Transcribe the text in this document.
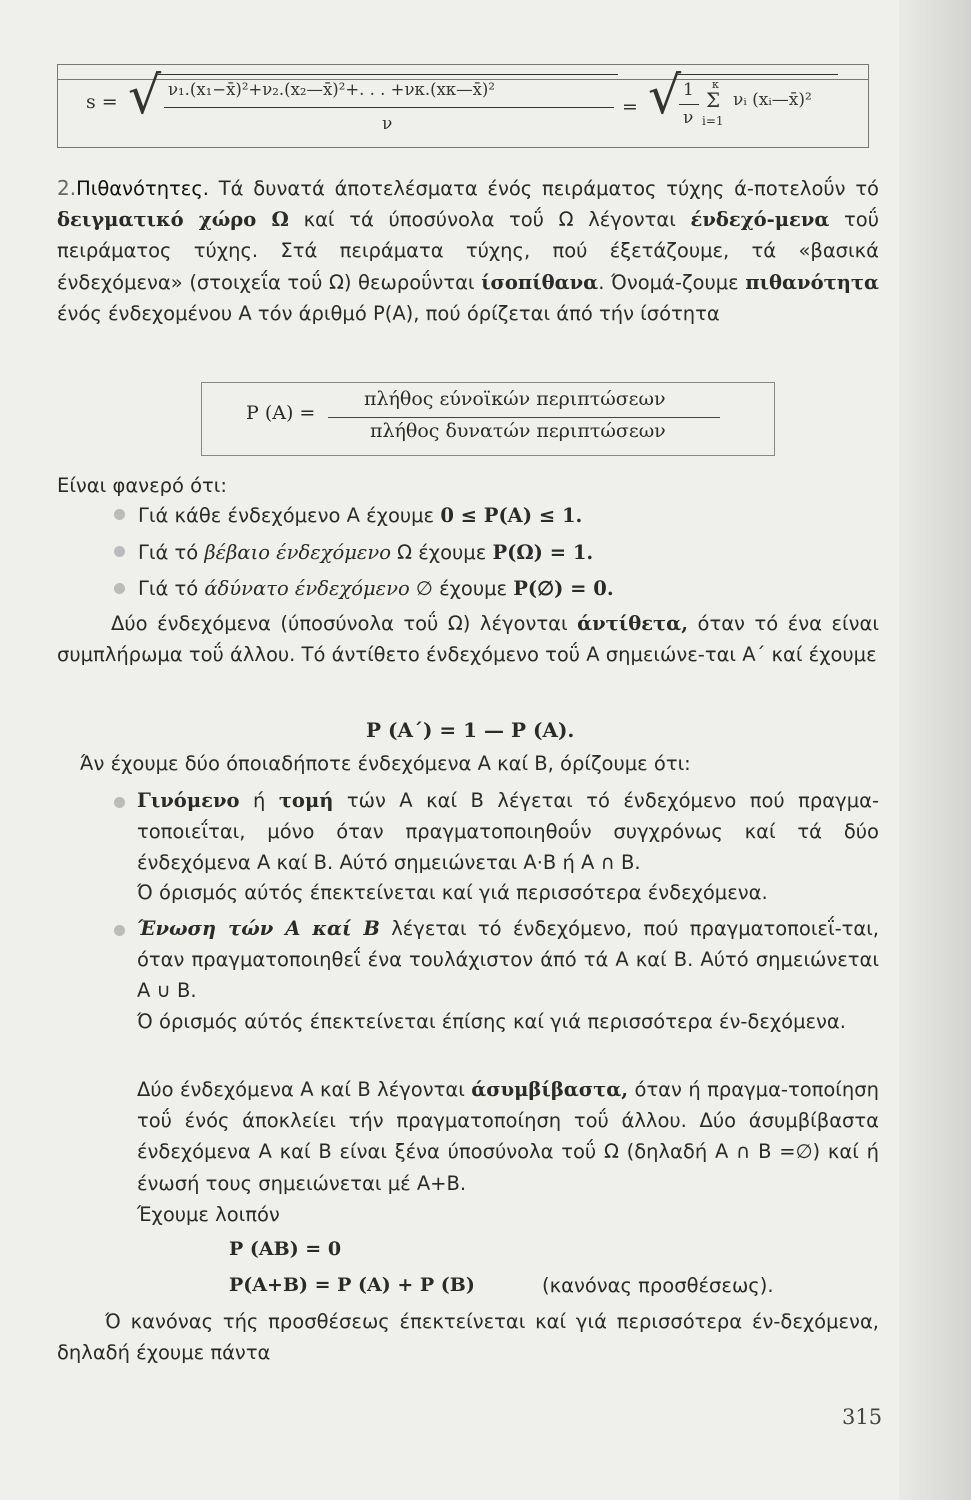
s = √ ν₁.(x₁−x̄)²+ν₂.(x₂—x̄)²+. . . +νκ.(xκ—x̄)²
ν
= √ 1
ν
κ
Σ
i=1
νᵢ (xᵢ—x̄)²

2.Πιθανότητες. Τά δυνατά άποτελέσματα ένός πειράματος τύχης ά-ποτελοΰν τό δειγματικό χώρο Ω καί τά ύποσύνολα τοΰ Ω λέγονται ένδεχό-μενα τοΰ πειράματος τύχης. Στά πειράματα τύχης, πού έξετάζουμε, τά «βασικά ένδεχόμενα» (στοιχεΐα τοΰ Ω) θεωροΰνται ίσοπίθανα. Όνομά-ζουμε πιθανότητα ένός ένδεχομένου Α τόν άριθμό Ρ(Α), πού όρίζεται άπό τήν ίσότητα

Ρ (Α) =
πλήθος εύνοϊκών περιπτώσεων
πλήθος δυνατών περιπτώσεων
Είναι φανερό ότι:
Γιά κάθε ένδεχόμενο Α έχουμε 0 ≤ Ρ(Α) ≤ 1.
Γιά τό βέβαιο ένδεχόμενο Ω έχουμε Ρ(Ω) = 1.
Γιά τό άδύνατο ένδεχόμενο ∅ έχουμε Ρ(∅) = 0.

Δύο ένδεχόμενα (ύποσύνολα τοΰ Ω) λέγονται άντίθετα, όταν τό ένα είναι συμπλήρωμα τοΰ άλλου. Τό άντίθετο ένδεχόμενο τοΰ Α σημειώνε-ται Α΄ καί έχουμε

Ρ (Α΄) = 1 — Ρ (Α).
Άν έχουμε δύο όποιαδήποτε ένδεχόμενα Α καί Β, όρίζουμε ότι:

Γινόμενο ή τομή τών Α καί Β λέγεται τό ένδεχόμενο πού πραγμα-τοποιεΐται, μόνο όταν πραγματοποιηθοΰν συγχρόνως καί τά δύο ένδεχόμενα Α καί Β. Αύτό σημειώνεται Α·Β ή Α ∩ Β.

Ό όρισμός αύτός έπεκτείνεται καί γιά περισσότερα ένδεχόμενα.

Ένωση τών Α καί Β λέγεται τό ένδεχόμενο, πού πραγματοποιεΐ-ται, όταν πραγματοποιηθεΐ ένα τουλάχιστον άπό τά Α καί Β. Αύτό σημειώνεται Α ∪ Β.

Ό όρισμός αύτός έπεκτείνεται έπίσης καί γιά περισσότερα έν-δεχόμενα.

Δύο ένδεχόμενα Α καί Β λέγονται άσυμβίβαστα, όταν ή πραγμα-τοποίηση τοΰ ένός άποκλείει τήν πραγματοποίηση τοΰ άλλου. Δύο άσυμβίβαστα ένδεχόμενα Α καί Β είναι ξένα ύποσύνολα τοΰ Ω (δηλαδή Α ∩ Β =∅) καί ή ένωσή τους σημειώνεται μέ Α+Β.

Έχουμε λοιπόν
Ρ (ΑΒ) = 0
Ρ(Α+Β) = Ρ (Α) + Ρ (Β)	(κανόνας προσθέσεως).

Ό κανόνας τής προσθέσεως έπεκτείνεται καί γιά περισσότερα έν-δεχόμενα, δηλαδή έχουμε πάντα

315
